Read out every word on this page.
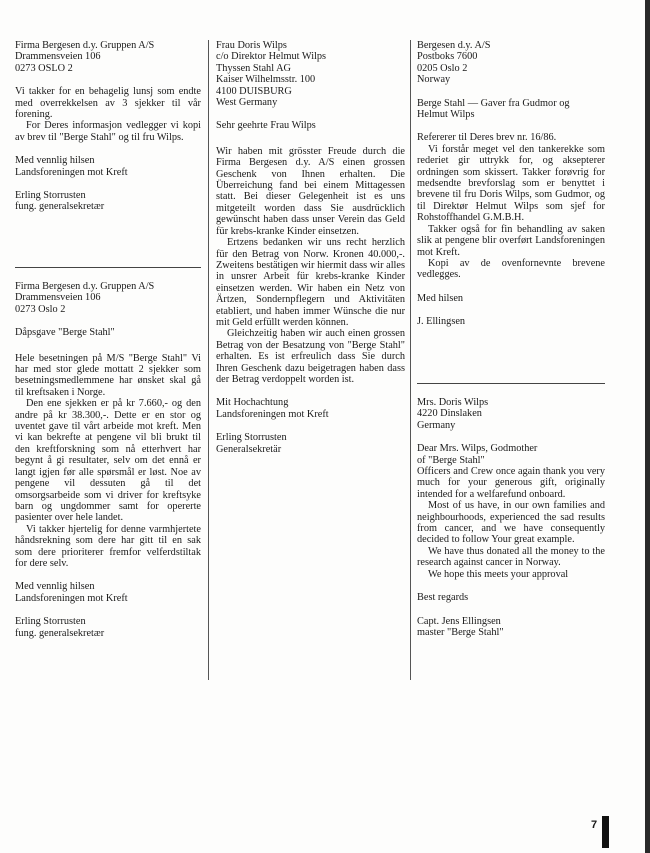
Firma Bergesen d.y. Gruppen A/S
Drammensveien 106
0273 OSLO 2
Vi takker for en behagelig lunsj som endte med overrekkelsen av 3 sjekker til vår forening.
For Deres informasjon vedlegger vi kopi av brev til "Berge Stahl" og til fru Wilps.
Med vennlig hilsen
Landsforeningen mot Kreft
Erling Storrusten
fung. generalsekretær
Firma Bergesen d.y. Gruppen A/S
Drammensveien 106
0273 Oslo 2
Dåpsgave "Berge Stahl"
Hele besetningen på M/S "Berge Stahl" Vi har med stor glede mottatt 2 sjekker som besetningsmedlemmene har ønsket skal gå til kreftsaken i Norge.
Den ene sjekken er på kr 7.660,- og den andre på kr 38.300,-. Dette er en stor og uventet gave til vårt arbeide mot kreft. Men vi kan bekrefte at pengene vil bli brukt til den kreftforskning som nå etterhvert har begynt å gi resultater, selv om det ennå er langt igjen før alle spørsmål er løst. Noe av pengene vil dessuten gå til det omsorgsarbeide som vi driver for kreftsyke barn og ungdommer samt for opererte pasienter over hele landet.
Vi takker hjertelig for denne varmhjertete håndsrekning som dere har gitt til en sak som dere prioriterer fremfor velferdstiltak for dere selv.
Med vennlig hilsen
Landsforeningen mot Kreft
Erling Storrusten
fung. generalsekretær
Frau Doris Wilps
c/o Direktor Helmut Wilps
Thyssen Stahl AG
Kaiser Wilhelmsstr. 100
4100 DUISBURG
West Germany
Sehr geehrte Frau Wilps
Wir haben mit grösster Freude durch die Firma Bergesen d.y. A/S einen grossen Geschenk von Ihnen erhalten. Die Überreichung fand bei einem Mittagessen statt. Bei dieser Gelegenheit ist es uns mitgeteilt worden dass Sie ausdrücklich gewünscht haben dass unser Verein das Geld für krebs-kranke Kinder einsetzen.
Ertzens bedanken wir uns recht herzlich für den Betrag von Norw. Kronen 40.000,-. Zweitens bestätigen wir hiermit dass wir alles in unsrer Arbeit für krebs-kranke Kinder einsetzen werden. Wir haben ein Netz von Ärtzen, Sondernpflegern und Aktivitäten etabliert, und haben immer Wünsche die nur mit Geld erfüllt werden können.
Gleichzeitig haben wir auch einen grossen Betrag von der Besatzung von "Berge Stahl" erhalten. Es ist erfreulich dass Sie durch Ihren Geschenk dazu beigetragen haben dass der Betrag verdoppelt worden ist.
Mit Hochachtung
Landsforeningen mot Kreft
Erling Storrusten
Generalsekretär
Bergesen d.y. A/S
Postboks 7600
0205 Oslo 2
Norway
Berge Stahl — Gaver fra Gudmor og
Helmut Wilps
Refererer til Deres brev nr. 16/86.
Vi forstår meget vel den tankerekke som rederiet gir uttrykk for, og aksepterer ordningen som skissert. Takker forøvrig for medsendte brevforslag som er benyttet i brevene til fru Doris Wilps, som Gudmor, og til Direktør Helmut Wilps som sjef for Rohstoffhandel G.M.B.H.
Takker også for fin behandling av saken slik at pengene blir overført Landsforeningen mot Kreft.
Kopi av de ovenfornevnte brevene vedlegges.
Med hilsen
J. Ellingsen
Mrs. Doris Wilps
4220 Dinslaken
Germany
Dear Mrs. Wilps, Godmother
of "Berge Stahl"
Officers and Crew once again thank you very much for your generous gift, originally intended for a welfarefund onboard.
Most of us have, in our own families and neighbourhoods, experienced the sad results from cancer, and we have consequently decided to follow Your great example.
We have thus donated all the money to the research against cancer in Norway.
We hope this meets your approval
Best regards
Capt. Jens Ellingsen
master "Berge Stahl"
7
